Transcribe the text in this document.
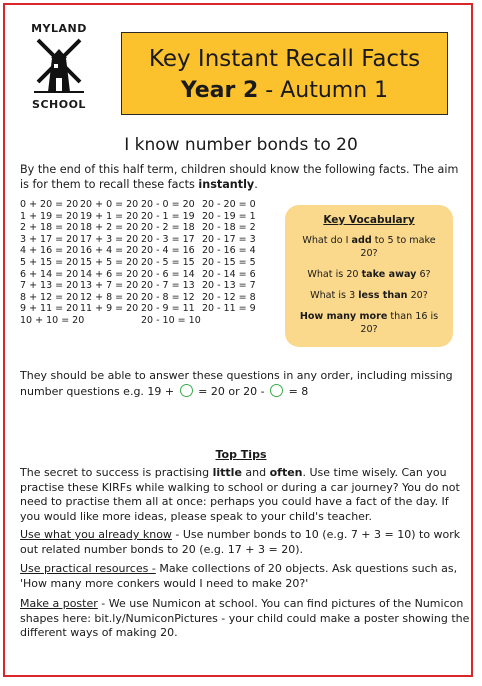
MYLAND
SCHOOL
Key Instant Recall Facts
Year 2 - Autumn 1
I know number bonds to 20
By the end of this half term, children should know the following facts. The aim is for them to recall these facts instantly.
0 + 20 = 20
1 + 19 = 20
2 + 18 = 20
3 + 17 = 20
4 + 16 = 20
5 + 15 = 20
6 + 14 = 20
7 + 13 = 20
8 + 12 = 20
9 + 11 = 20
10 + 10 = 20
20 + 0 = 20
19 + 1 = 20
18 + 2 = 20
17 + 3 = 20
16 + 4 = 20
15 + 5 = 20
14 + 6 = 20
13 + 7 = 20
12 + 8 = 20
11 + 9 = 20
20 - 0 = 20
20 - 1 = 19
20 - 2 = 18
20 - 3 = 17
20 - 4 = 16
20 - 5 = 15
20 - 6 = 14
20 - 7 = 13
20 - 8 = 12
20 - 9 = 11
20 - 10 = 10
20 - 20 = 0
20 - 19 = 1
20 - 18 = 2
20 - 17 = 3
20 - 16 = 4
20 - 15 = 5
20 - 14 = 6
20 - 13 = 7
20 - 12 = 8
20 - 11 = 9
Key Vocabulary
What do I add to 5 to make 20?
What is 20 take away 6?
What is 3 less than 20?
How many more than 16 is 20?
They should be able to answer these questions in any order, including missing
number questions e.g. 19 + = 20 or 20 - = 8
Top Tips
The secret to success is practising little and often. Use time wisely. Can you practise these KIRFs while walking to school or during a car journey? You do not need to practise them all at once: perhaps you could have a fact of the day. If you would like more ideas, please speak to your child's teacher.
Use what you already know - Use number bonds to 10 (e.g. 7 + 3 = 10) to work out related number bonds to 20 (e.g. 17 + 3 = 20).
Use practical resources - Make collections of 20 objects. Ask questions such as, 'How many more conkers would I need to make 20?'
Make a poster - We use Numicon at school. You can find pictures of the Numicon shapes here: bit.ly/NumiconPictures - your child could make a poster showing the different ways of making 20.
